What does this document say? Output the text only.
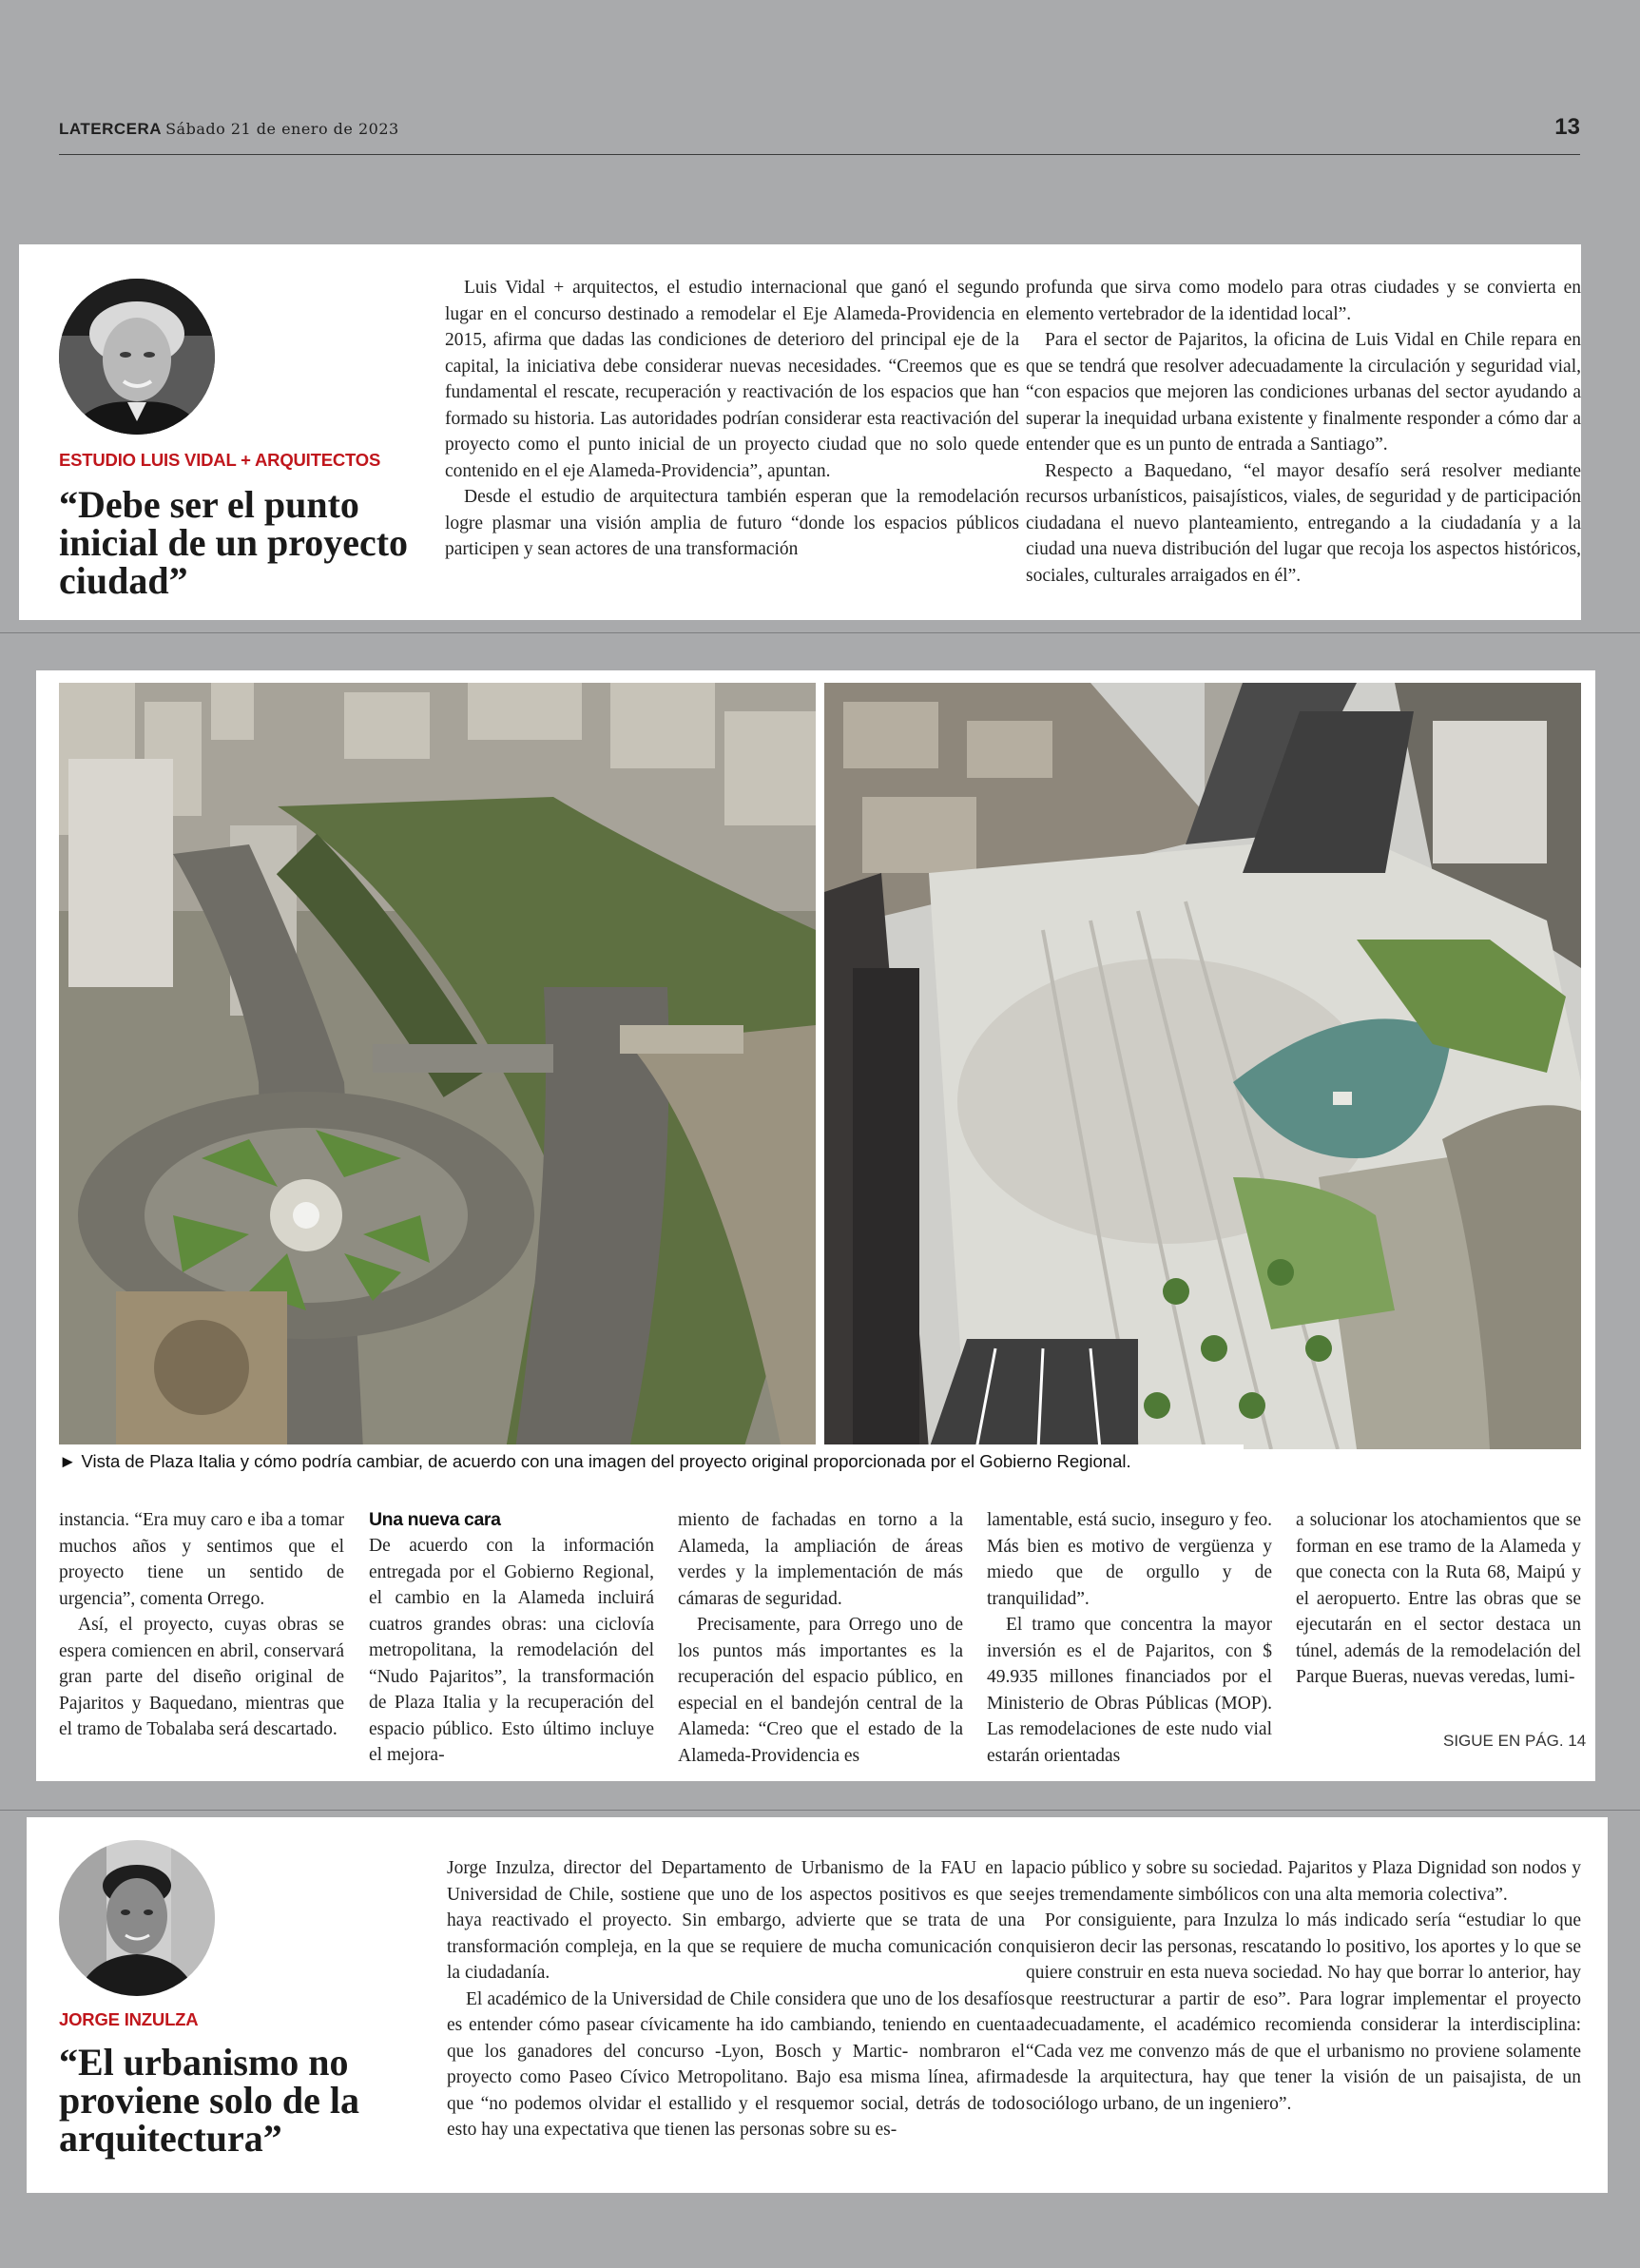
LATERCERA Sábado 21 de enero de 2023	13
ESTUDIO LUIS VIDAL + ARQUITECTOS
“Debe ser el punto inicial de un proyecto ciudad”

Luis Vidal + arquitectos, el estudio internacional que ganó el segundo lugar en el concurso destinado a remodelar el Eje Alameda-Providencia en 2015, afirma que dadas las condiciones de deterioro del principal eje de la capital, la iniciativa debe considerar nuevas necesidades. “Creemos que es fundamental el rescate, recuperación y reactivación de los espacios que han formado su historia. Las autoridades podrían considerar esta reactivación del proyecto como el punto inicial de un proyecto ciudad que no solo quede contenido en el eje Alameda-Providencia”, apuntan.

Desde el estudio de arquitectura también esperan que la remodelación logre plasmar una visión amplia de futuro “donde los espacios públicos participen y sean actores de una transformación

profunda que sirva como modelo para otras ciudades y se convierta en elemento vertebrador de la identidad local”.

Para el sector de Pajaritos, la oficina de Luis Vidal en Chile repara en que se tendrá que resolver adecuadamente la circulación y seguridad vial, “con espacios que mejoren las condiciones urbanas del sector ayudando a superar la inequidad urbana existente y finalmente responder a cómo dar a entender que es un punto de entrada a Santiago”.

Respecto a Baquedano, “el mayor desafío será resolver mediante recursos urbanísticos, paisajísticos, viales, de seguridad y de participación ciudadana el nuevo planteamiento, entregando a la ciudadanía y a la ciudad una nueva distribución del lugar que recoja los aspectos históricos, sociales, culturales arraigados en él”.

► Vista de Plaza Italia y cómo podría cambiar, de acuerdo con una imagen del proyecto original proporcionada por el Gobierno Regional.

instancia. “Era muy caro e iba a tomar muchos años y sentimos que el proyecto tiene un sentido de urgencia”, comenta Orrego.

Así, el proyecto, cuyas obras se espera comiencen en abril, conservará gran parte del diseño original de Pajaritos y Baquedano, mientras que el tramo de Tobalaba será descartado.

Una nueva cara

De acuerdo con la información entregada por el Gobierno Regional, el cambio en la Alameda incluirá cuatros grandes obras: una ciclovía metropolitana, la remodelación del “Nudo Pajaritos”, la transformación de Plaza Italia y la recuperación del espacio público. Esto último incluye el mejora-

miento de fachadas en torno a la Alameda, la ampliación de áreas verdes y la implementación de más cámaras de seguridad.

Precisamente, para Orrego uno de los puntos más importantes es la recuperación del espacio público, en especial en el bandejón central de la Alameda: “Creo que el estado de la Alameda-Providencia es

lamentable, está sucio, inseguro y feo. Más bien es motivo de vergüenza y miedo que de orgullo y de tranquilidad”.

El tramo que concentra la mayor inversión es el de Pajaritos, con $ 49.935 millones financiados por el Ministerio de Obras Públicas (MOP). Las remodelaciones de este nudo vial estarán orientadas

a solucionar los atochamientos que se forman en ese tramo de la Alameda y que conecta con la Ruta 68, Maipú y el aeropuerto. Entre las obras que se ejecutarán en el sector destaca un túnel, además de la remodelación del Parque Bueras, nuevas veredas, lumi-

SIGUE EN PÁG. 14
JORGE INZULZA
“El urbanismo no proviene solo de la arquitectura”

Jorge Inzulza, director del Departamento de Urbanismo de la FAU en la Universidad de Chile, sostiene que uno de los aspectos positivos es que se haya reactivado el proyecto. Sin embargo, advierte que se trata de una transformación compleja, en la que se requiere de mucha comunicación con la ciudadanía.

El académico de la Universidad de Chile considera que uno de los desafíos es entender cómo pasear cívicamente ha ido cambiando, teniendo en cuenta que los ganadores del concurso -Lyon, Bosch y Martic- nombraron el proyecto como Paseo Cívico Metropolitano. Bajo esa misma línea, afirma que “no podemos olvidar el estallido y el resquemor social, detrás de todo esto hay una expectativa que tienen las personas sobre su es-

pacio público y sobre su sociedad. Pajaritos y Plaza Dignidad son nodos y ejes tremendamente simbólicos con una alta memoria colectiva”.

Por consiguiente, para Inzulza lo más indicado sería “estudiar lo que quisieron decir las personas, rescatando lo positivo, los aportes y lo que se quiere construir en esta nueva sociedad. No hay que borrar lo anterior, hay que reestructurar a partir de eso”. Para lograr implementar el proyecto adecuadamente, el académico recomienda considerar la interdisciplina: “Cada vez me convenzo más de que el urbanismo no proviene solamente desde la arquitectura, hay que tener la visión de un paisajista, de un sociólogo urbano, de un ingeniero”.
